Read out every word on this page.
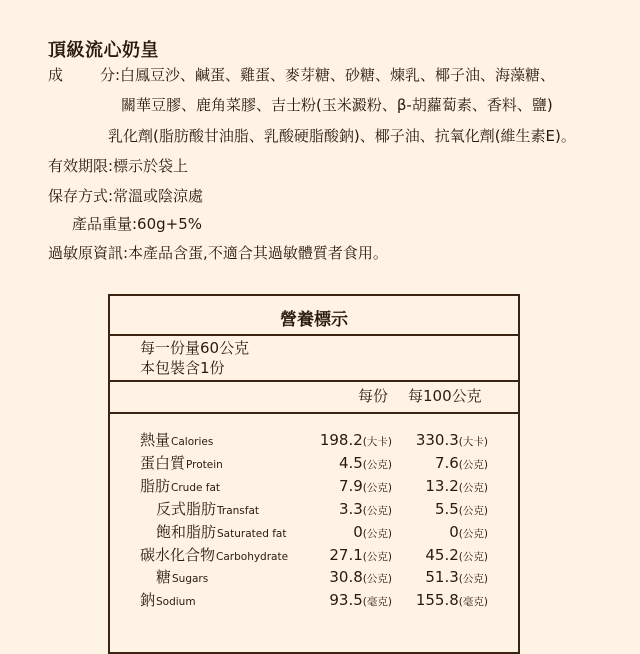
頂級流心奶皇
成 分 :白鳳豆沙、鹹蛋、雞蛋、麥芽糖、砂糖、煉乳、椰子油、海藻糖、
關華豆膠、鹿角菜膠、吉士粉(玉米澱粉、β-胡蘿蔔素、香料、鹽)
乳化劑(脂肪酸甘油脂、乳酸硬脂酸鈉)、椰子油、抗氧化劑(維生素E)。
有效期限:標示於袋上
保存方式:常溫或陰涼處
產品重量:60g+5%
過敏原資訊:本產品含蛋,不適合其過敏體質者食用。
營養標示
每一份量60公克
本包裝含1份
每份 每100公克
熱量Calories	198.2(大卡) 330.3(大卡)
蛋白質Protein	4.5(公克)	7.6(公克)
脂肪Crude fat	7.9(公克) 13.2(公克)
反式脂肪Transfat	3.3(公克)	5.5(公克)
飽和脂肪Saturated fat	0(公克)	0(公克)
碳水化合物Carbohydrate	27.1(公克) 45.2(公克)
糖Sugars	30.8(公克) 51.3(公克)
鈉Sodium	93.5(毫克) 155.8(毫克)
